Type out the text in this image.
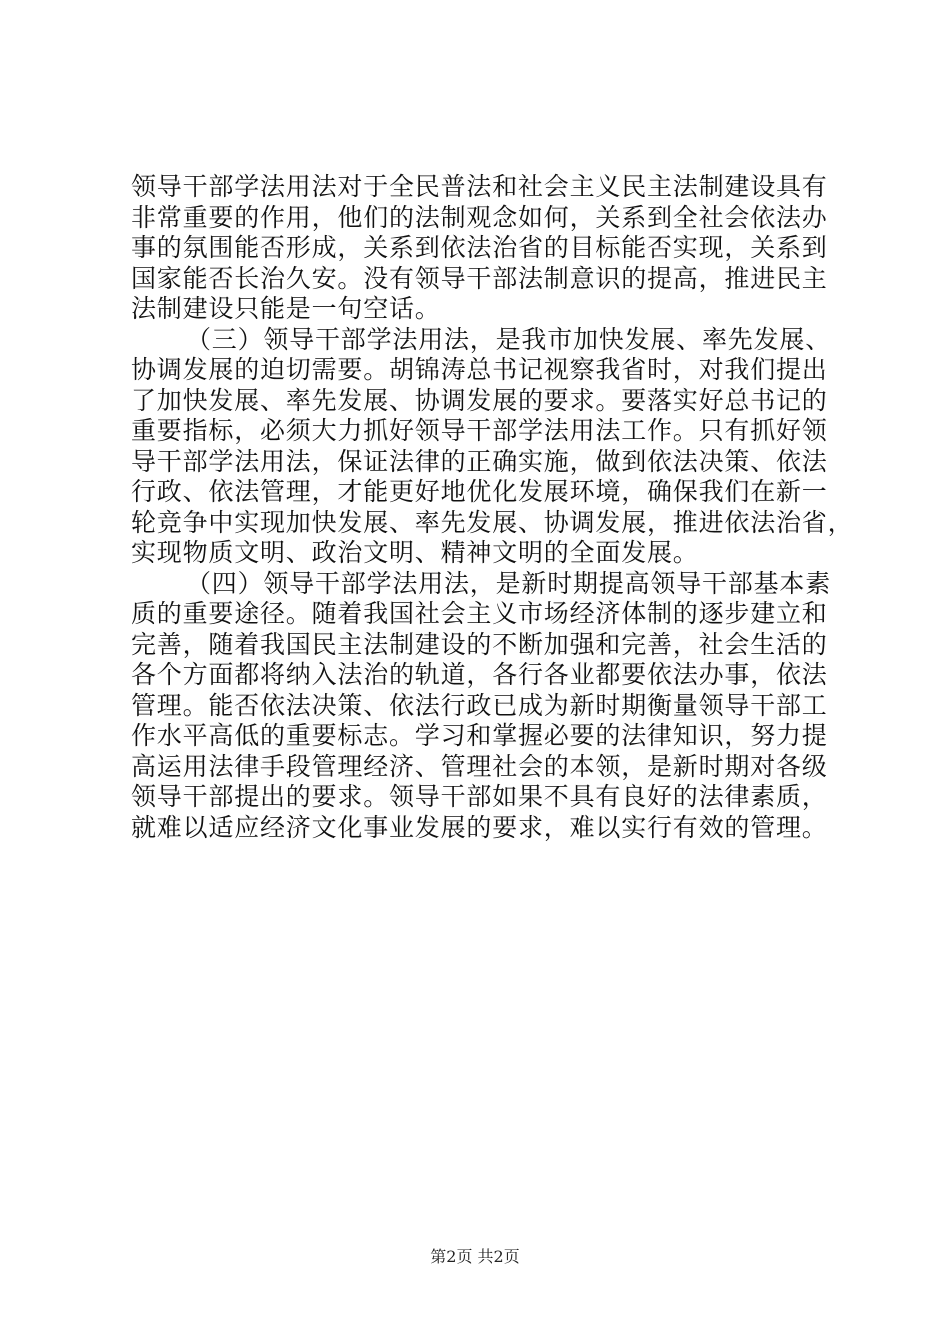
领导干部学法用法对于全民普法和社会主义民主法制建设具有
非常重要的作用，他们的法制观念如何，关系到全社会依法办
事的氛围能否形成，关系到依法治省的目标能否实现，关系到
国家能否长治久安。没有领导干部法制意识的提高，推进民主
法制建设只能是一句空话。
（三）领导干部学法用法，是我市加快发展、率先发展、
协调发展的迫切需要。胡锦涛总书记视察我省时，对我们提出
了加快发展、率先发展、协调发展的要求。要落实好总书记的
重要指标，必须大力抓好领导干部学法用法工作。只有抓好领
导干部学法用法，保证法律的正确实施，做到依法决策、依法
行政、依法管理，才能更好地优化发展环境，确保我们在新一
轮竞争中实现加快发展、率先发展、协调发展，推进依法治省，
实现物质文明、政治文明、精神文明的全面发展。
（四）领导干部学法用法，是新时期提高领导干部基本素
质的重要途径。随着我国社会主义市场经济体制的逐步建立和
完善，随着我国民主法制建设的不断加强和完善，社会生活的
各个方面都将纳入法治的轨道，各行各业都要依法办事，依法
管理。能否依法决策、依法行政已成为新时期衡量领导干部工
作水平高低的重要标志。学习和掌握必要的法律知识，努力提
高运用法律手段管理经济、管理社会的本领，是新时期对各级
领导干部提出的要求。领导干部如果不具有良好的法律素质，
就难以适应经济文化事业发展的要求，难以实行有效的管理。
第2页 共2页
